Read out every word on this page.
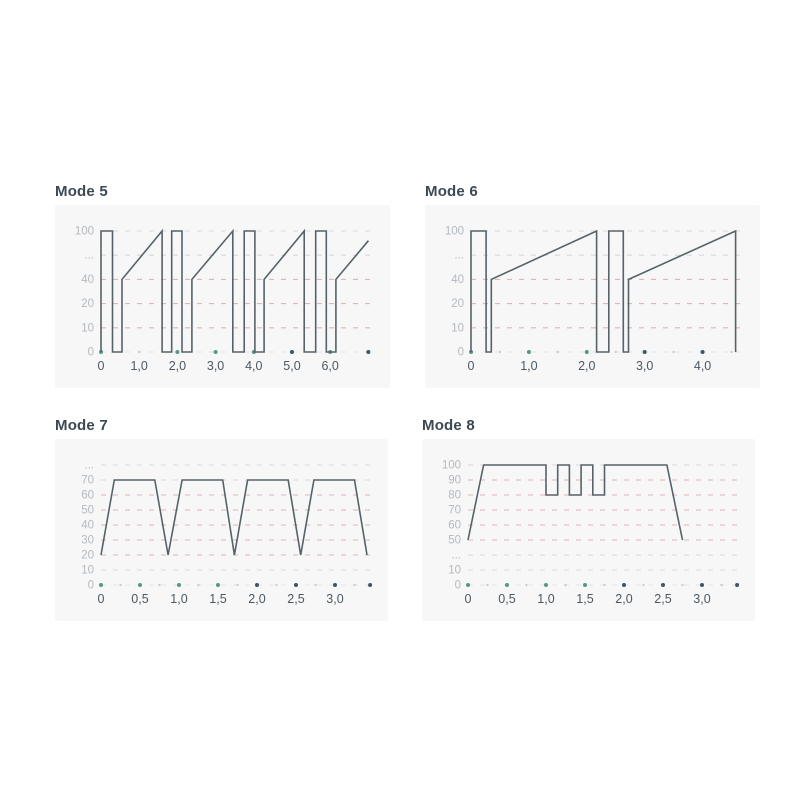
Mode 5
0
10
20
40
...
100
0 1,0 2,0 3,0 4,0 5,0 6,0
Mode 6
0
10
20
40
...
100
0	1,0	2,0	3,0	4,0
Mode 7
0
10
20
30
40
50
60
70
...
0 0,5 1,0 1,5 2,0 2,5 3,0
Mode 8
0
10
...
50
60
70
80
90
100
0 0,5 1,0 1,5 2,0 2,5 3,0
